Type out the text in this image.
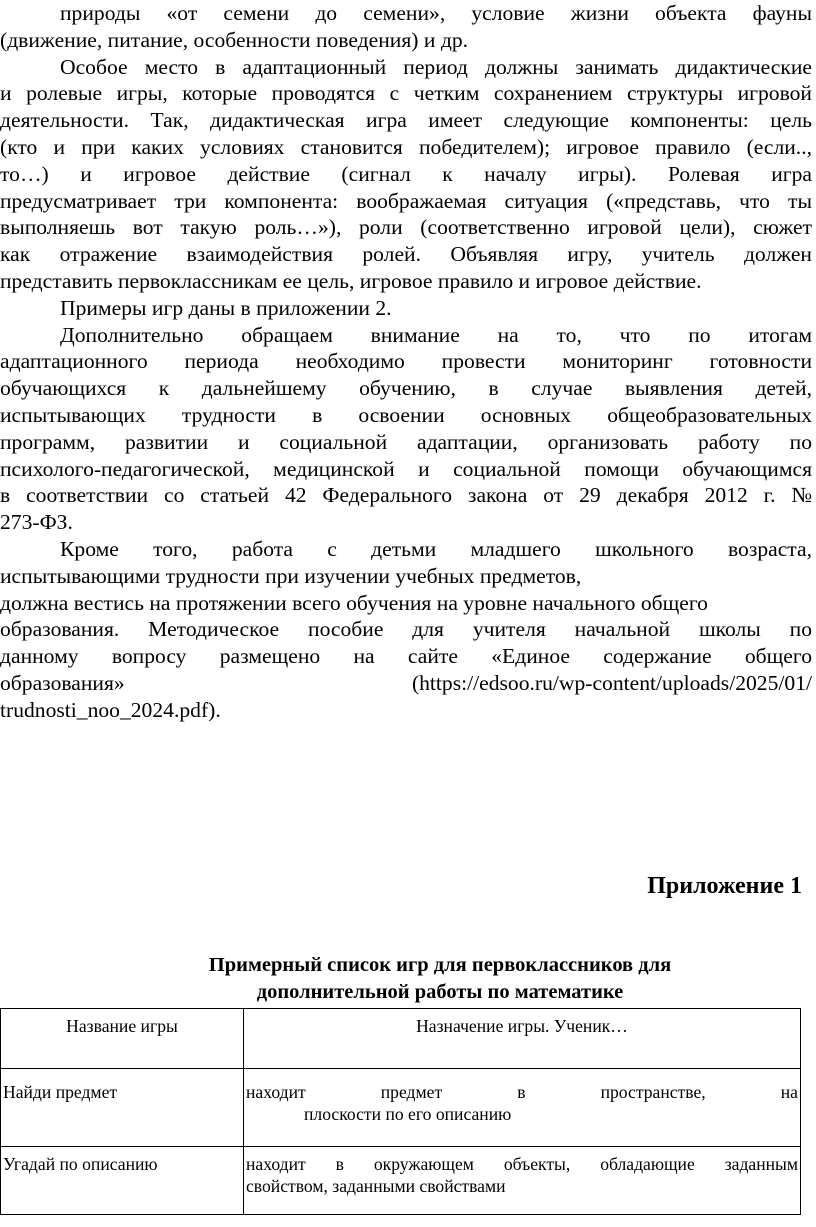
природы «от семени до семени», условие жизни объекта фауны
(движение, питание, особенности поведения) и др.
Особое место в адаптационный период должны занимать дидактические
и ролевые игры, которые проводятся с четким сохранением структуры игровой
деятельности. Так, дидактическая игра имеет следующие компоненты: цель
(кто и при каких условиях становится победителем); игровое правило (если..,
то…) и игровое действие (сигнал к началу игры). Ролевая игра
предусматривает три компонента: воображаемая ситуация («представь, что ты
выполняешь вот такую роль…»), роли (соответственно игровой цели), сюжет
как отражение взаимодействия ролей. Объявляя игру, учитель должен
представить первоклассникам ее цель, игровое правило и игровое действие.
Примеры игр даны в приложении 2.
Дополнительно обращаем внимание на то, что по итогам
адаптационного периода необходимо провести мониторинг готовности
обучающихся к дальнейшему обучению, в случае выявления детей,
испытывающих трудности в освоении основных общеобразовательных
программ, развитии и социальной адаптации, организовать работу по
психолого-педагогической, медицинской и социальной помощи обучающимся
в соответствии со статьей 42 Федерального закона от 29 декабря 2012 г. №
273-ФЗ.
Кроме того, работа с детьми младшего школьного возраста,
испытывающими трудности при изучении учебных предметов,
должна вестись на протяжении всего обучения на уровне начального общего
образования. Методическое пособие для учителя начальной школы по
данному вопросу размещено на сайте «Единое содержание общего
образования» (https://edsoo.ru/wp-content/uploads/2025/01/
trudnosti_noo_2024.pdf).
Приложение 1
Примерный список игр для первоклассников для
дополнительной работы по математике
Название игры	Назначение игры. Ученик…
Найди предмет	находит предмет в пространстве, на
плоскости по его описанию

Угадай по описанию	находит в окружающем объекты, обладающие заданным
свойством, заданными свойствами
